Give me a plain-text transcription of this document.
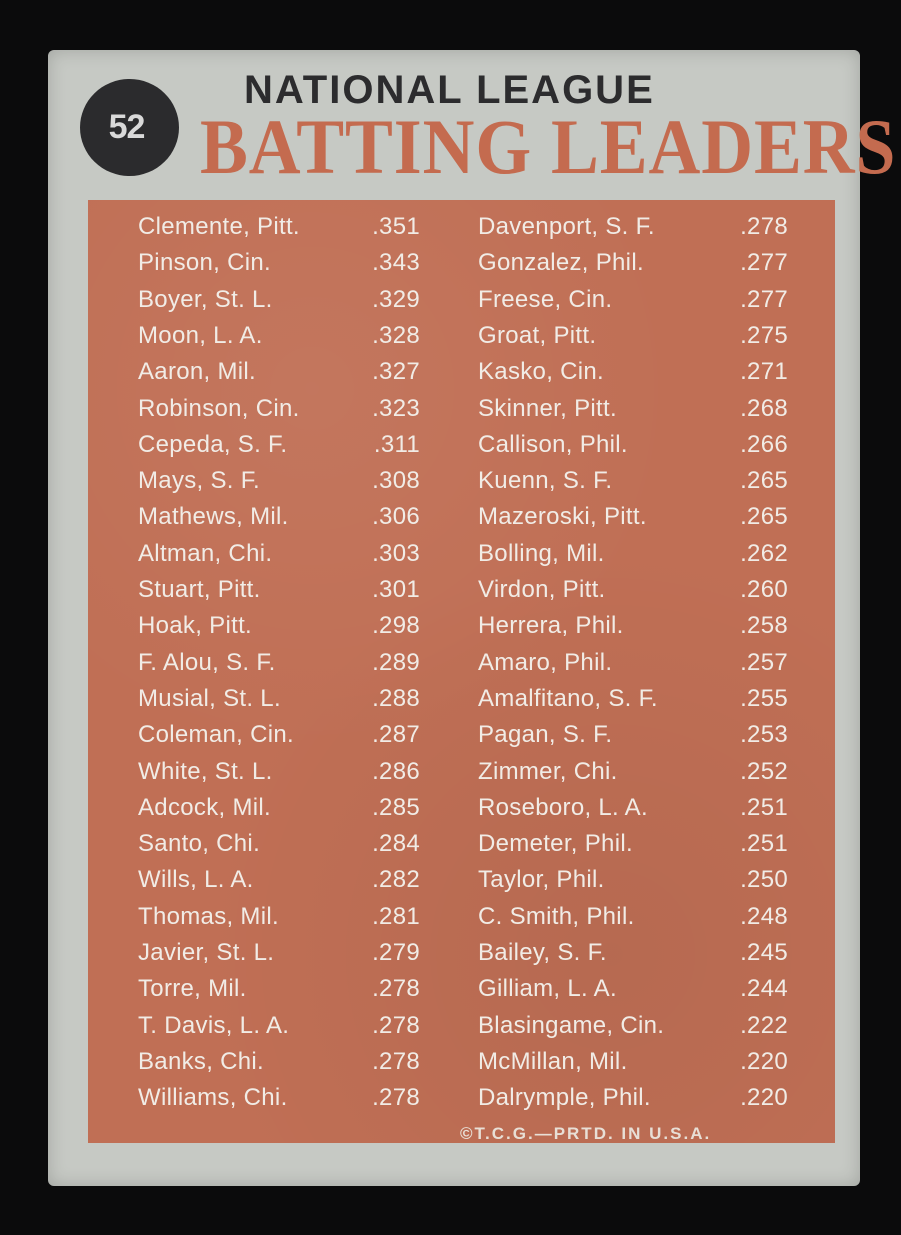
52
NATIONAL LEAGUE
BATTING LEADERS
Clemente, Pitt.	.351
Pinson, Cin.	.343
Boyer, St. L.	.329
Moon, L. A.	.328
Aaron, Mil.	.327
Robinson, Cin.	.323
Cepeda, S. F.	.311
Mays, S. F.	.308
Mathews, Mil.	.306
Altman, Chi.	.303
Stuart, Pitt.	.301
Hoak, Pitt.	.298
F. Alou, S. F.	.289
Musial, St. L.	.288
Coleman, Cin.	.287
White, St. L.	.286
Adcock, Mil.	.285
Santo, Chi.	.284
Wills, L. A.	.282
Thomas, Mil.	.281
Javier, St. L.	.279
Torre, Mil.	.278
T. Davis, L. A.	.278
Banks, Chi.	.278
Williams, Chi.	.278
Davenport, S. F.	.278
Gonzalez, Phil.	.277
Freese, Cin.	.277
Groat, Pitt.	.275
Kasko, Cin.	.271
Skinner, Pitt.	.268
Callison, Phil.	.266
Kuenn, S. F.	.265
Mazeroski, Pitt.	.265
Bolling, Mil.	.262
Virdon, Pitt.	.260
Herrera, Phil.	.258
Amaro, Phil.	.257
Amalfitano, S. F.	.255
Pagan, S. F.	.253
Zimmer, Chi.	.252
Roseboro, L. A.	.251
Demeter, Phil.	.251
Taylor, Phil.	.250
C. Smith, Phil.	.248
Bailey, S. F.	.245
Gilliam, L. A.	.244
Blasingame, Cin.	.222
McMillan, Mil.	.220
Dalrymple, Phil.	.220
©T.C.G.—PRTD. IN U.S.A.
